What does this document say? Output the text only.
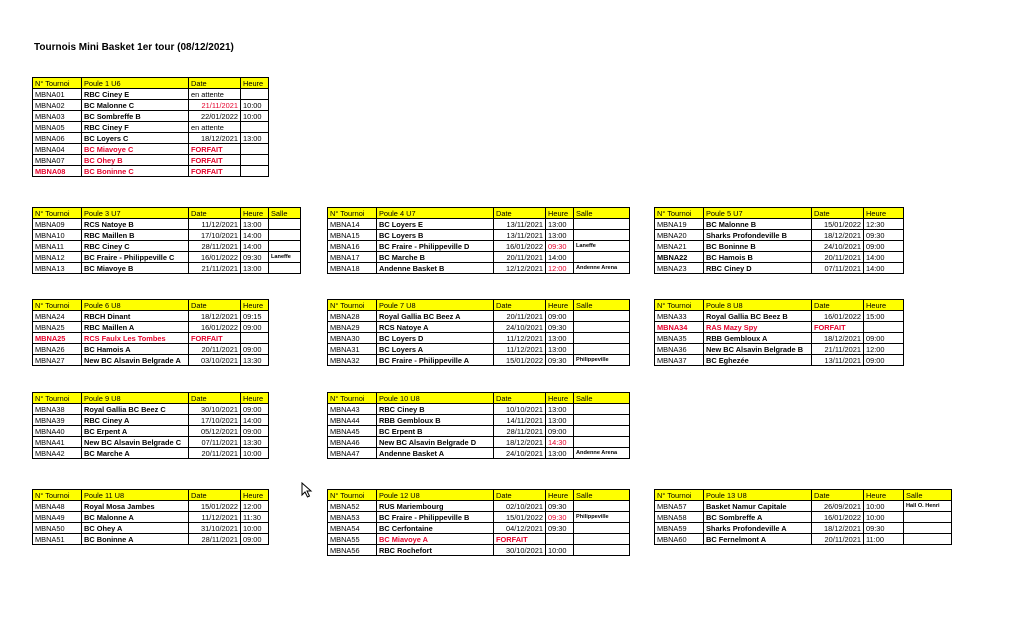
Tournois Mini Basket 1er tour (08/12/2021)
N° Tournoi	Poule 1 U6	Date	Heure
MBNA01	RBC Ciney E	en attente	
MBNA02	BC Malonne C	21/11/2021	10:00
MBNA03	BC Sombreffe B	22/01/2022	10:00
MBNA05	RBC Ciney F	en attente	
MBNA06	BC Loyers C	18/12/2021	13:00
MBNA04	BC Miavoye C	FORFAIT	
MBNA07	BC Ohey B	FORFAIT	
MBNA08	BC Boninne C	FORFAIT	
N° Tournoi	Poule 3 U7	Date	Heure	Salle
MBNA09	RCS Natoye B	11/12/2021	13:00	
MBNA10	RBC Maillen B	17/10/2021	14:00	
MBNA11	RBC Ciney C	28/11/2021	14:00	
MBNA12	BC Fraire - Philippeville C	16/01/2022	09:30	Laneffe
MBNA13	BC Miavoye B	21/11/2021	13:00	
N° Tournoi	Poule 4 U7	Date	Heure	Salle
MBNA14	BC Loyers E	13/11/2021	13:00	
MBNA15	BC Loyers B	13/11/2021	13:00	
MBNA16	BC Fraire - Philippeville D	16/01/2022	09:30	Laneffe
MBNA17	BC Marche B	20/11/2021	14:00	
MBNA18	Andenne Basket B	12/12/2021	12:00	Andenne Arena
N° Tournoi	Poule 5 U7	Date	Heure
MBNA19	BC Malonne B	15/01/2022	12:30
MBNA20	Sharks Profondeville B	18/12/2021	09:30
MBNA21	BC Boninne B	24/10/2021	09:00
MBNA22	BC Hamois B	20/11/2021	14:00
MBNA23	RBC Ciney D	07/11/2021	14:00
N° Tournoi	Poule 6 U8	Date	Heure
MBNA24	RBCH Dinant	18/12/2021	09:15
MBNA25	RBC Maillen A	16/01/2022	09:00
MBNA25	RCS Faulx Les Tombes	FORFAIT	
MBNA26	BC Hamois A	20/11/2021	09:00
MBNA27	New BC Alsavin Belgrade A	03/10/2021	13:30
N° Tournoi	Poule 7 U8	Date	Heure	Salle
MBNA28	Royal Gallia BC Beez A	20/11/2021	09:00	
MBNA29	RCS Natoye A	24/10/2021	09:30	
MBNA30	BC Loyers D	11/12/2021	13:00	
MBNA31	BC Loyers A	11/12/2021	13:00	
MBNA32	BC Fraire - Philippeville A	15/01/2022	09:30	Philippeville
N° Tournoi	Poule 8 U8	Date	Heure
MBNA33	Royal Gallia BC Beez B	16/01/2022	15:00
MBNA34	RAS Mazy Spy	FORFAIT	
MBNA35	RBB Gembloux A	18/12/2021	09:00
MBNA36	New BC Alsavin Belgrade B	21/11/2021	12:00
MBNA37	BC Eghezée	13/11/2021	09:00
N° Tournoi	Poule 9 U8	Date	Heure
MBNA38	Royal Gallia BC Beez C	30/10/2021	09:00
MBNA39	RBC Ciney A	17/10/2021	14:00
MBNA40	BC Erpent A	05/12/2021	09:00
MBNA41	New BC Alsavin Belgrade C	07/11/2021	13:30
MBNA42	BC Marche A	20/11/2021	10:00
N° Tournoi	Poule 10 U8	Date	Heure	Salle
MBNA43	RBC Ciney B	10/10/2021	13:00	
MBNA44	RBB Gembloux B	14/11/2021	13:00	
MBNA45	BC Erpent B	28/11/2021	09:00	
MBNA46	New BC Alsavin Belgrade D	18/12/2021	14:30	
MBNA47	Andenne Basket A	24/10/2021	13:00	Andenne Arena
N° Tournoi	Poule 11 U8	Date	Heure
MBNA48	Royal Mosa Jambes	15/01/2022	12:00
MBNA49	BC Malonne A	11/12/2021	11:30
MBNA50	BC Ohey A	31/10/2021	10:00
MBNA51	BC Boninne A	28/11/2021	09:00
N° Tournoi	Poule 12 U8	Date	Heure	Salle
MBNA52	RUS Mariembourg	02/10/2021	09:30	
MBNA53	BC Fraire - Philippeville B	15/01/2022	09:30	Philippeville
MBNA54	BC Cerfontaine	04/12/2021	09:30	
MBNA55	BC Miavoye A	FORFAIT		
MBNA56	RBC Rochefort	30/10/2021	10:00	
N° Tournoi	Poule 13 U8	Date	Heure	Salle
MBNA57	Basket Namur Capitale	26/09/2021	10:00	Hall O. Henri
MBNA58	BC Sombreffe A	16/01/2022	10:00	
MBNA59	Sharks Profondeville A	18/12/2021	09:30	
MBNA60	BC Fernelmont A	20/11/2021	11:00	
